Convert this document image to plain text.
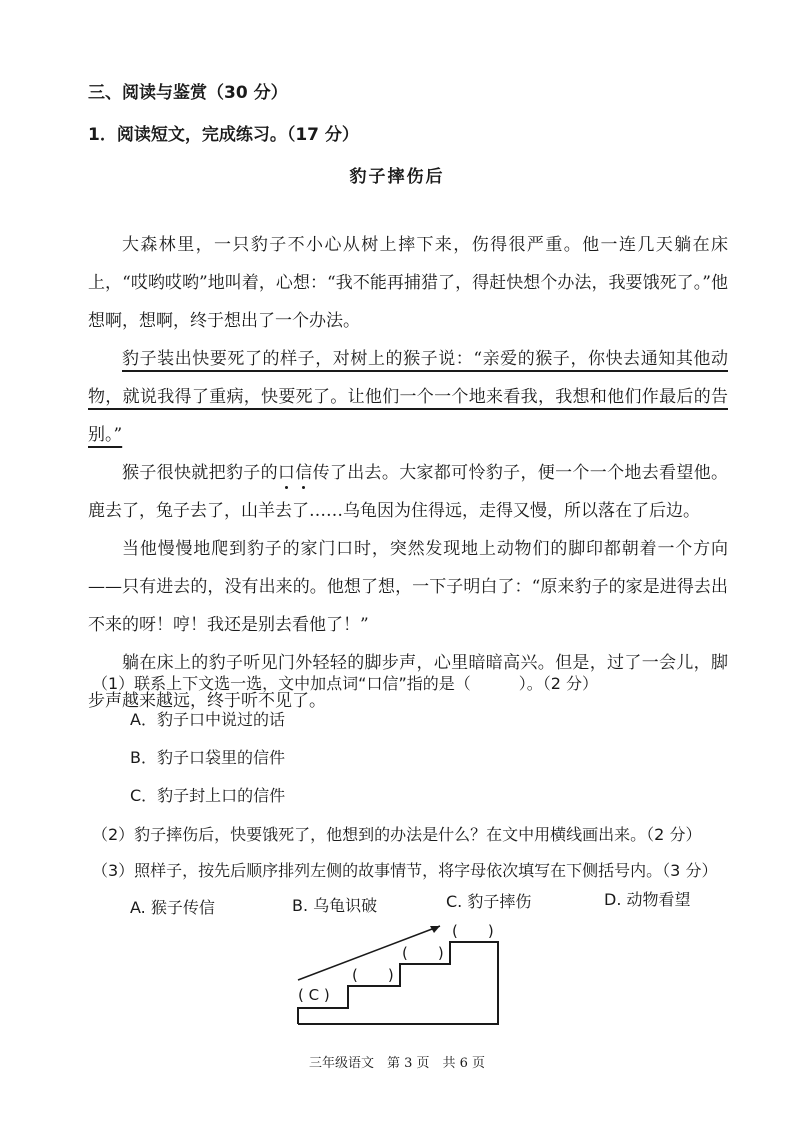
三、阅读与鉴赏（30 分）
1．阅读短文，完成练习。（17 分）
豹子摔伤后

大森林里，一只豹子不小心从树上摔下来，伤得很严重。他一连几天躺在床上，“哎哟哎哟”地叫着，心想：“我不能再捕猎了，得赶快想个办法，我要饿死了。”他想啊，想啊，终于想出了一个办法。

豹子装出快要死了的样子，对树上的猴子说：“亲爱的猴子，你快去通知其他动物，就说我得了重病，快要死了。让他们一个一个地来看我，我想和他们作最后的告别。”

猴子很快就把豹子的口信传了出去。大家都可怜豹子，便一个一个地去看望他。鹿去了，兔子去了，山羊去了……乌龟因为住得远，走得又慢，所以落在了后边。

当他慢慢地爬到豹子的家门口时，突然发现地上动物们的脚印都朝着一个方向——只有进去的，没有出来的。他想了想，一下子明白了：“原来豹子的家是进得去出不来的呀！哼！我还是别去看他了！”

躺在床上的豹子听见门外轻轻的脚步声，心里暗暗高兴。但是，过了一会儿，脚步声越来越远，终于听不见了。

（1）联系上下文选一选，文中加点词“口信”指的是（　　　）。（2 分）
A．豹子口中说过的话
B．豹子口袋里的信件
C．豹子封上口的信件
（2）豹子摔伤后，快要饿死了，他想到的办法是什么？在文中用横线画出来。（2 分）
（3）照样子，按先后顺序排列左侧的故事情节，将字母依次填写在下侧括号内。（3 分）
A. 猴子传信	B. 乌龟识破	C. 豹子摔伤	D. 动物看望
( C )
(　　)
(　　)
(　　)
三年级语文　第 3 页　共 6 页
